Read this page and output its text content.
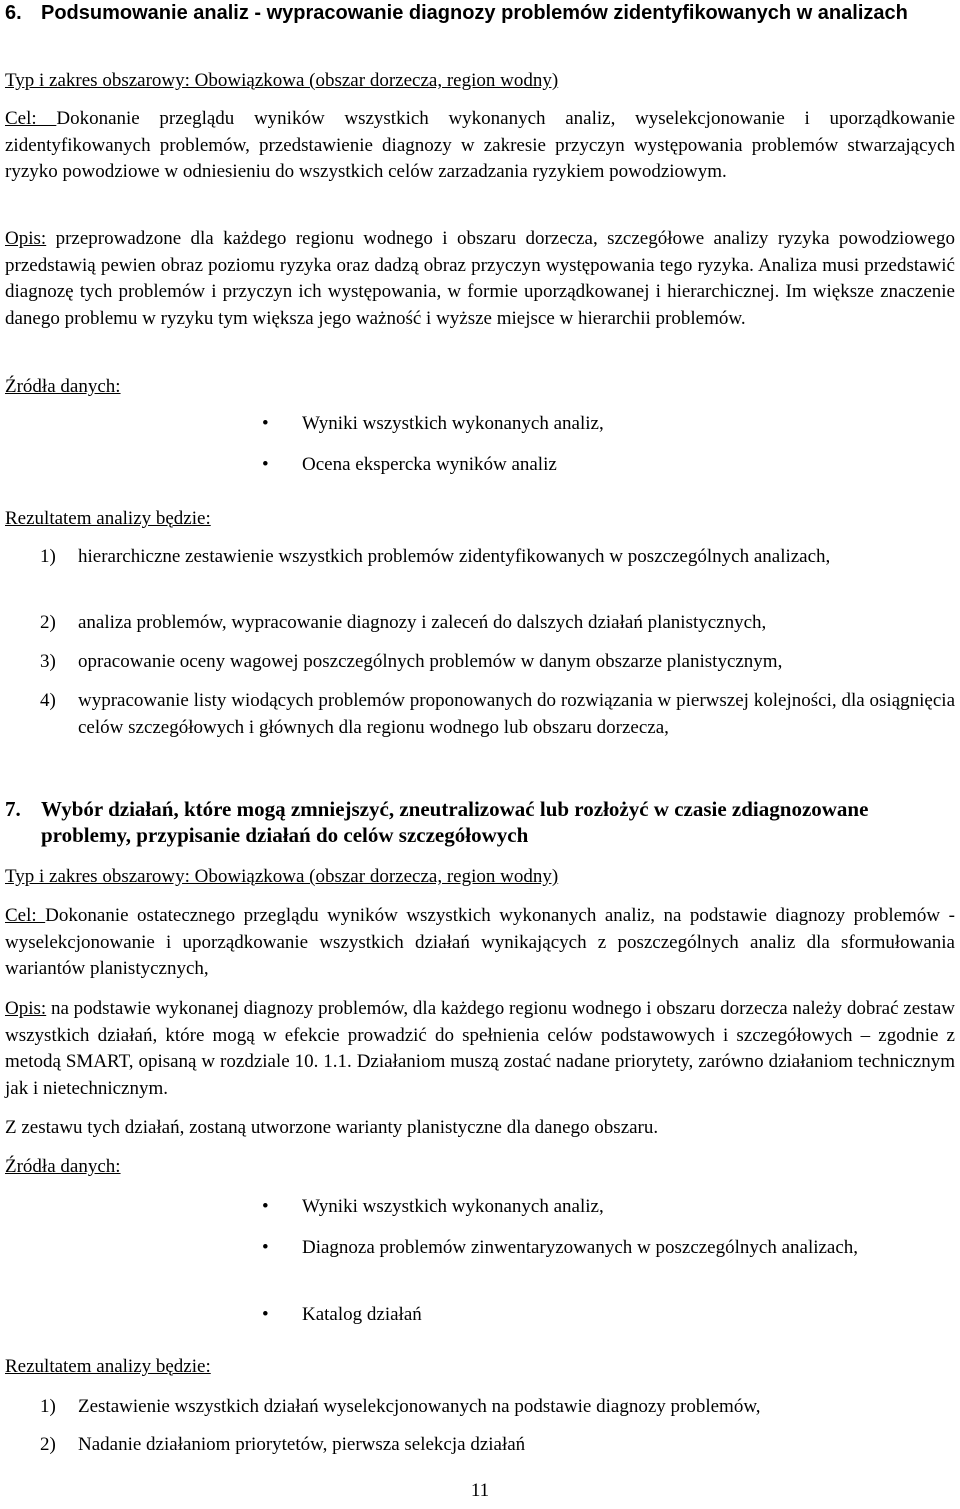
6. Podsumowanie analiz - wypracowanie diagnozy problemów zidentyfikowanych w analizach
Typ i zakres obszarowy: Obowiązkowa (obszar dorzecza, region wodny)

Cel: Dokonanie przeglądu wyników wszystkich wykonanych analiz, wyselekcjonowanie i uporządkowanie zidentyfikowanych problemów, przedstawienie diagnozy w zakresie przyczyn występowania problemów stwarzających ryzyko powodziowe w odniesieniu do wszystkich celów zarzadzania ryzykiem powodziowym.

Opis: przeprowadzone dla każdego regionu wodnego i obszaru dorzecza, szczegółowe analizy ryzyka powodziowego przedstawią pewien obraz poziomu ryzyka oraz dadzą obraz przyczyn występowania tego ryzyka. Analiza musi przedstawić diagnozę tych problemów i przyczyn ich występowania, w formie uporządkowanej i hierarchicznej. Im większe znaczenie danego problemu w ryzyku tym większa jego ważność i wyższe miejsce w hierarchii problemów.

Źródła danych:
•	Wyniki wszystkich wykonanych analiz,
•	Ocena ekspercka wyników analiz
Rezultatem analizy będzie:
1)	hierarchiczne zestawienie wszystkich problemów zidentyfikowanych w poszczególnych analizach,
2)	analiza problemów, wypracowanie diagnozy i zaleceń do dalszych działań planistycznych,
3)	opracowanie oceny wagowej poszczególnych problemów w danym obszarze planistycznym,
4)	wypracowanie listy wiodących problemów proponowanych do rozwiązania w pierwszej kolejności, dla osiągnięcia celów szczegółowych i głównych dla regionu wodnego lub obszaru dorzecza,
7. Wybór działań, które mogą zmniejszyć, zneutralizować lub rozłożyć w czasie zdiagnozowane problemy, przypisanie działań do celów szczegółowych
Typ i zakres obszarowy: Obowiązkowa (obszar dorzecza, region wodny)

Cel: Dokonanie ostatecznego przeglądu wyników wszystkich wykonanych analiz, na podstawie diagnozy problemów - wyselekcjonowanie i uporządkowanie wszystkich działań wynikających z poszczególnych analiz dla sformułowania wariantów planistycznych,

Opis: na podstawie wykonanej diagnozy problemów, dla każdego regionu wodnego i obszaru dorzecza należy dobrać zestaw wszystkich działań, które mogą w efekcie prowadzić do spełnienia celów podstawowych i szczegółowych – zgodnie z metodą SMART, opisaną w rozdziale 10. 1.1. Działaniom muszą zostać nadane priorytety, zarówno działaniom technicznym jak i nietechnicznym.

Z zestawu tych działań, zostaną utworzone warianty planistyczne dla danego obszaru.
Źródła danych:
•	Wyniki wszystkich wykonanych analiz,
•	Diagnoza problemów zinwentaryzowanych w poszczególnych analizach,
•	Katalog działań
Rezultatem analizy będzie:
1)	Zestawienie wszystkich działań wyselekcjonowanych na podstawie diagnozy problemów,
2)	Nadanie działaniom priorytetów, pierwsza selekcja działań
11
